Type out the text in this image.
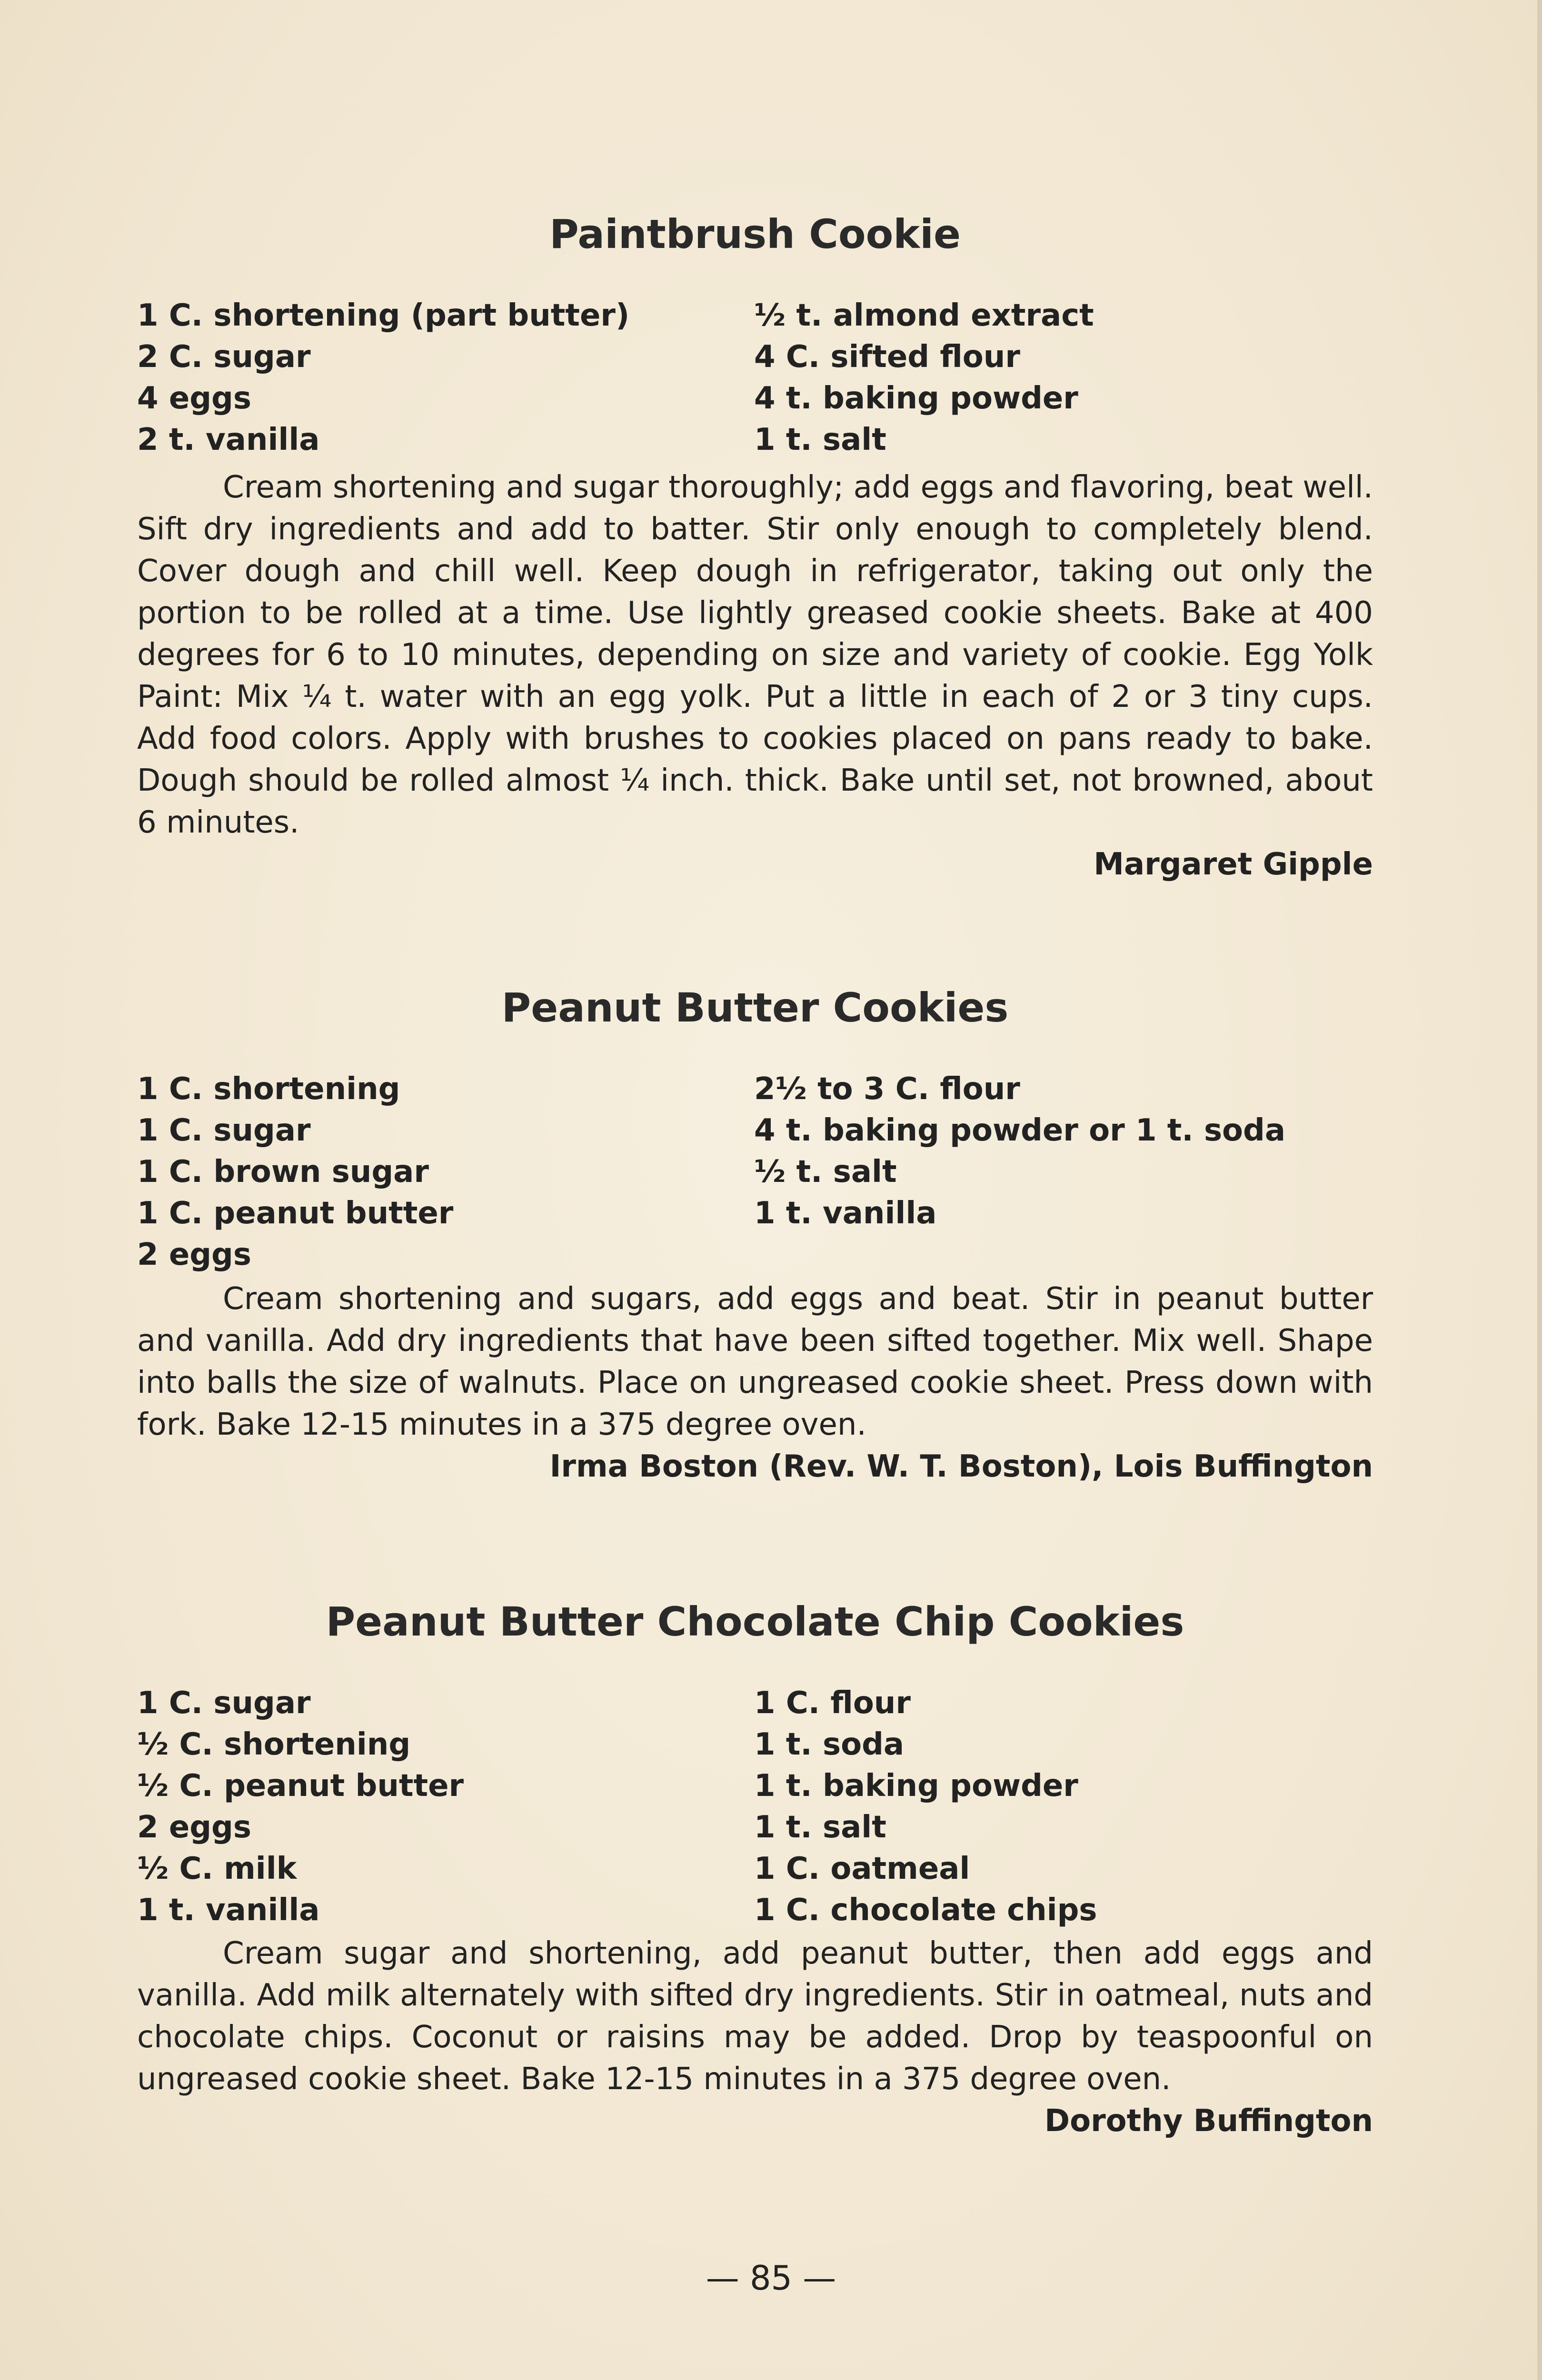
Paintbrush Cookie
1 C. shortening (part butter)
2 C. sugar
4 eggs
2 t. vanilla
½ t. almond extract
4 C. sifted flour
4 t. baking powder
1 t. salt

Cream shortening and sugar thoroughly; add eggs and flavoring, beat well. Sift dry ingredients and add to batter. Stir only enough to completely blend. Cover dough and chill well. Keep dough in refrigerator, taking out only the portion to be rolled at a time. Use lightly greased cookie sheets. Bake at 400 degrees for 6 to 10 minutes, depending on size and variety of cookie. Egg Yolk Paint: Mix ¼ t. water with an egg yolk. Put a little in each of 2 or 3 tiny cups. Add food colors. Apply with brushes to cookies placed on pans ready to bake. Dough should be rolled almost ¼ inch. thick. Bake until set, not browned, about 6 minutes.

Margaret Gipple

Peanut Butter Cookies
1 C. shortening
1 C. sugar
1 C. brown sugar
1 C. peanut butter
2 eggs
2½ to 3 C. flour
4 t. baking powder or 1 t. soda
½ t. salt
1 t. vanilla

Cream shortening and sugars, add eggs and beat. Stir in peanut butter and vanilla. Add dry ingredients that have been sifted together. Mix well. Shape into balls the size of walnuts. Place on ungreased cookie sheet. Press down with fork. Bake 12-15 minutes in a 375 degree oven.

Irma Boston (Rev. W. T. Boston), Lois Buffington

Peanut Butter Chocolate Chip Cookies
1 C. sugar
½ C. shortening
½ C. peanut butter
2 eggs
½ C. milk
1 t. vanilla
1 C. flour
1 t. soda
1 t. baking powder
1 t. salt
1 C. oatmeal
1 C. chocolate chips

Cream sugar and shortening, add peanut butter, then add eggs and vanilla. Add milk alternately with sifted dry ingredients. Stir in oatmeal, nuts and chocolate chips. Coconut or raisins may be added. Drop by teaspoonful on ungreased cookie sheet. Bake 12-15 minutes in a 375 degree oven.

Dorothy Buffington

— 85 —
